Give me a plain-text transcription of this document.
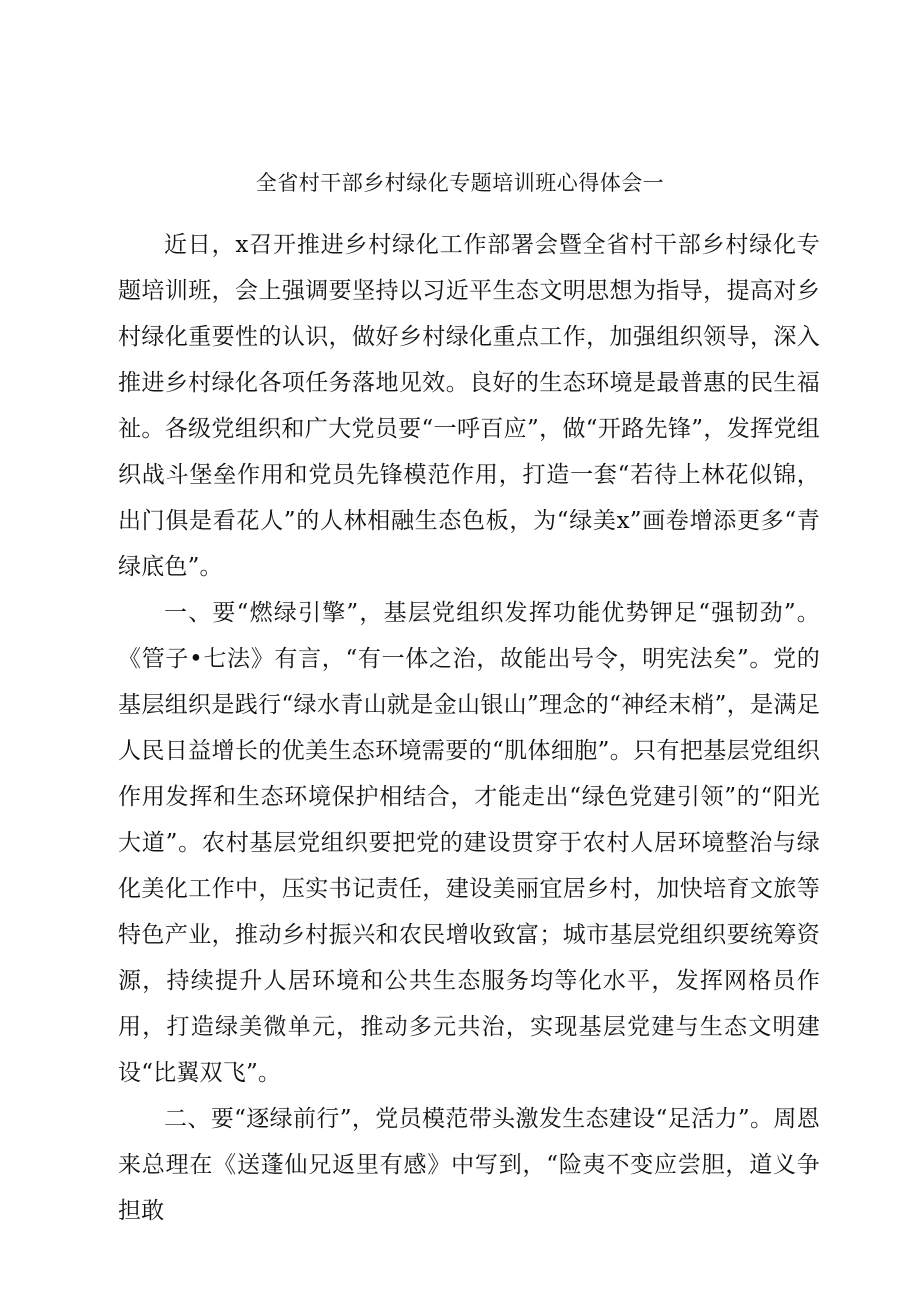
全省村干部乡村绿化专题培训班心得体会一

近日，x召开推进乡村绿化工作部署会暨全省村干部乡村绿化专题培训班，会上强调要坚持以习近平生态文明思想为指导，提高对乡村绿化重要性的认识，做好乡村绿化重点工作，加强组织领导，深入推进乡村绿化各项任务落地见效。良好的生态环境是最普惠的民生福祉。各级党组织和广大党员要“一呼百应”，做“开路先锋”，发挥党组织战斗堡垒作用和党员先锋模范作用，打造一套“若待上林花似锦，出门俱是看花人”的人林相融生态色板，为“绿美x”画卷增添更多“青绿底色”。

一、要“燃绿引擎”，基层党组织发挥功能优势钾足“强韧劲”。《管子•七法》有言，“有一体之治，故能出号令，明宪法矣”。党的基层组织是践行“绿水青山就是金山银山”理念的“神经末梢”，是满足人民日益增长的优美生态环境需要的“肌体细胞”。只有把基层党组织作用发挥和生态环境保护相结合，才能走出“绿色党建引领”的“阳光大道”。农村基层党组织要把党的建设贯穿于农村人居环境整治与绿化美化工作中，压实书记责任，建设美丽宜居乡村，加快培育文旅等特色产业，推动乡村振兴和农民增收致富；城市基层党组织要统筹资源，持续提升人居环境和公共生态服务均等化水平，发挥网格员作用，打造绿美微单元，推动多元共治，实现基层党建与生态文明建设“比翼双飞”。

二、要“逐绿前行”，党员模范带头激发生态建设“足活力”。周恩来总理在《送蓬仙兄返里有感》中写到，“险夷不变应尝胆，道义争担敢
